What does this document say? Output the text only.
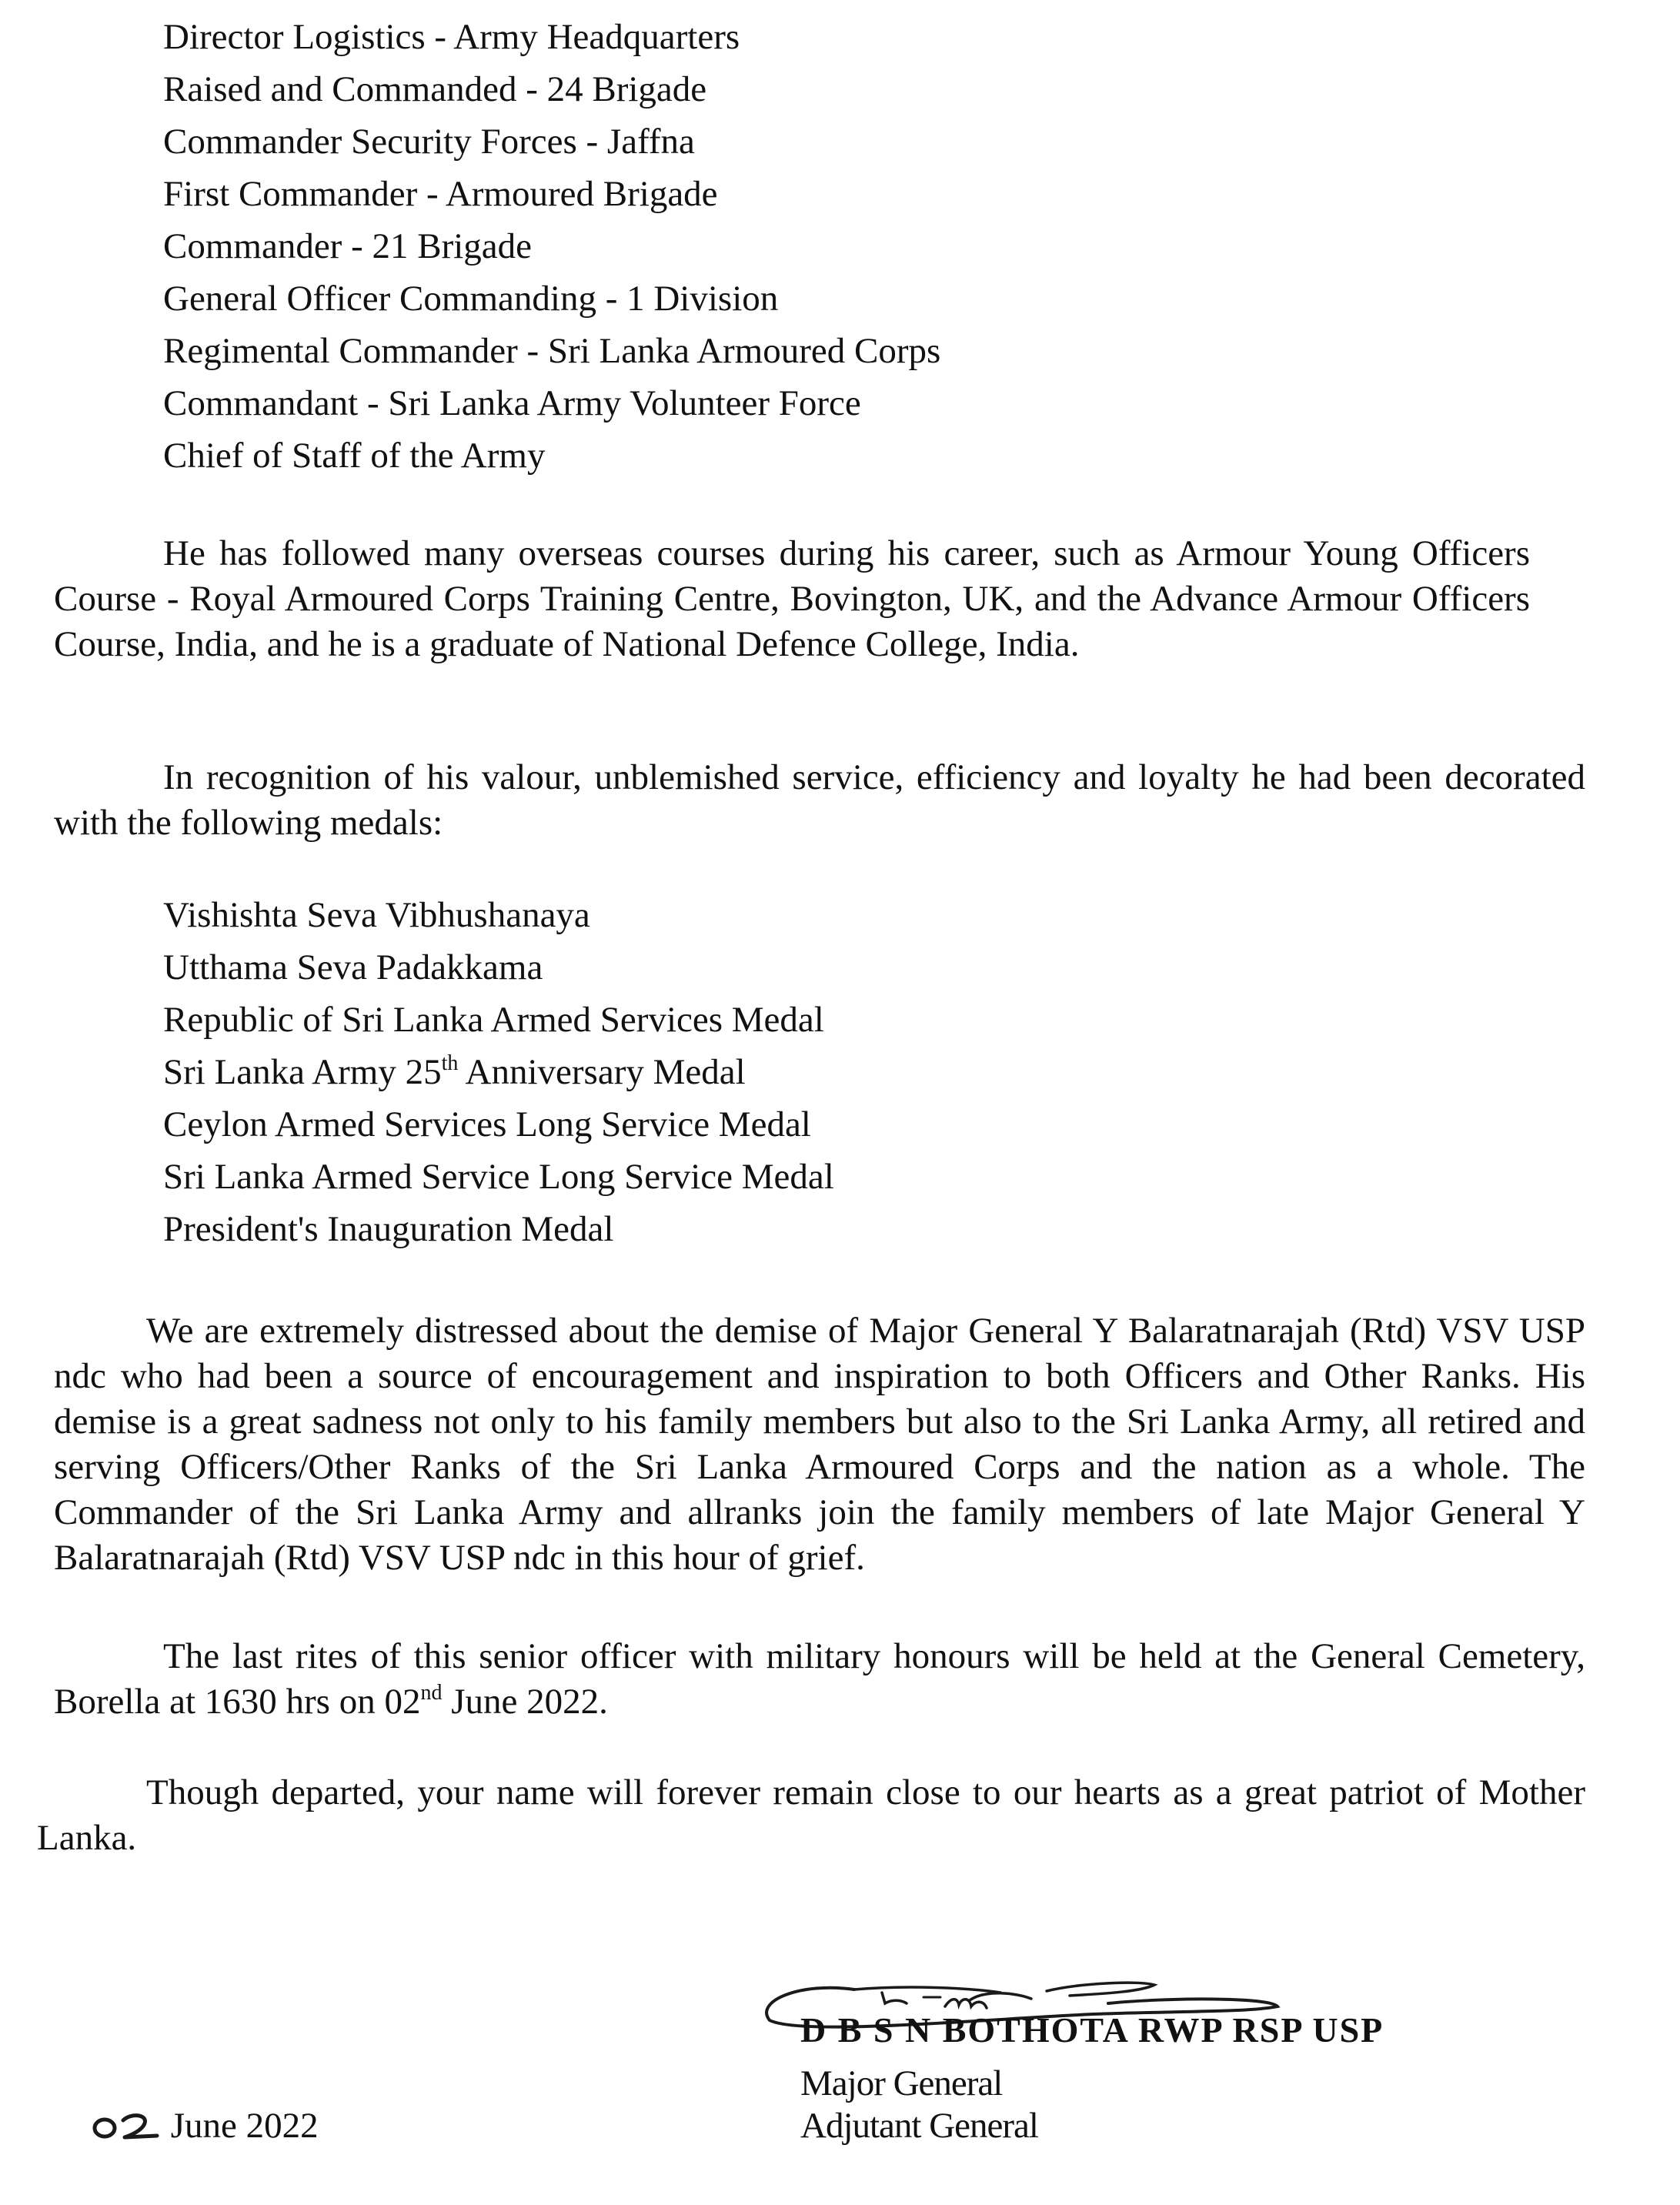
Director Logistics - Army Headquarters
Raised and Commanded - 24 Brigade
Commander Security Forces - Jaffna
First Commander - Armoured Brigade
Commander - 21 Brigade
General Officer Commanding - 1 Division
Regimental Commander - Sri Lanka Armoured Corps
Commandant - Sri Lanka Army Volunteer Force
Chief of Staff of the Army

He has followed many overseas courses during his career, such as Armour Young Officers Course - Royal Armoured Corps Training Centre, Bovington, UK, and the Advance Armour Officers Course, India, and he is a graduate of National Defence College, India.

In recognition of his valour, unblemished service, efficiency and loyalty he had been decorated with the following medals:

Vishishta Seva Vibhushanaya
Utthama Seva Padakkama
Republic of Sri Lanka Armed Services Medal
Sri Lanka Army 25th Anniversary Medal
Ceylon Armed Services Long Service Medal
Sri Lanka Armed Service Long Service Medal
President's Inauguration Medal

We are extremely distressed about the demise of Major General Y Balaratnarajah (Rtd) VSV USP ndc who had been a source of encouragement and inspiration to both Officers and Other Ranks. His demise is a great sadness not only to his family members but also to the Sri Lanka Army, all retired and serving Officers/Other Ranks of the Sri Lanka Armoured Corps and the nation as a whole. The Commander of the Sri Lanka Army and allranks join the family members of late Major General Y Balaratnarajah (Rtd) VSV USP ndc in this hour of grief.

The last rites of this senior officer with military honours will be held at the General Cemetery, Borella at 1630 hrs on 02nd June 2022.

Though departed, your name will forever remain close to our hearts as a great patriot of Mother Lanka.

D B S N BOTHOTA RWP RSP USP
Major General
Adjutant General
June 2022
